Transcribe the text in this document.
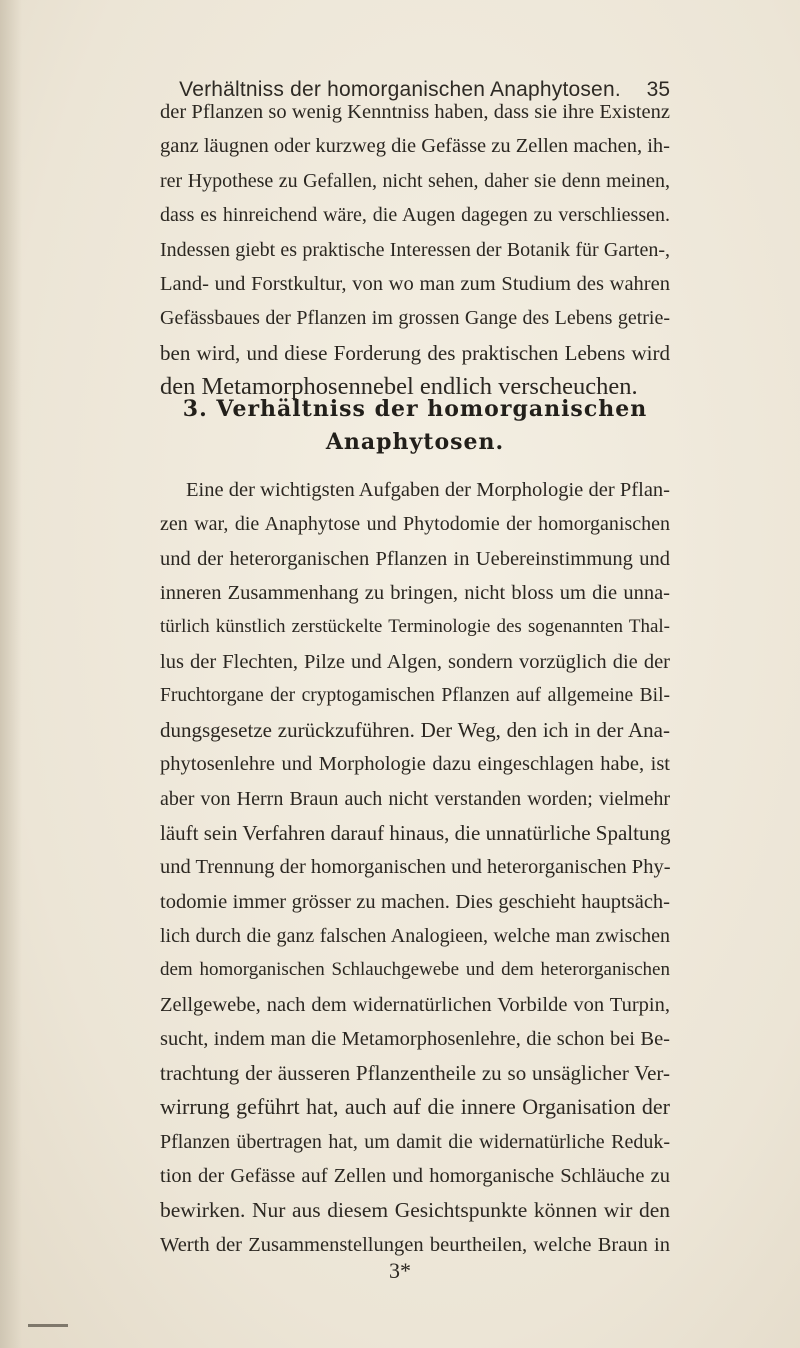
Verhältniss der homorganischen Anaphytosen.	35
der Pflanzen so wenig Kenntniss haben, dass sie ihre Existenz
ganz läugnen oder kurzweg die Gefässe zu Zellen machen, ih-
rer Hypothese zu Gefallen, nicht sehen, daher sie denn meinen,
dass es hinreichend wäre, die Augen dagegen zu verschliessen.
Indessen giebt es praktische Interessen der Botanik für Garten-,
Land- und Forstkultur, von wo man zum Studium des wahren
Gefässbaues der Pflanzen im grossen Gange des Lebens getrie-
ben wird, und diese Forderung des praktischen Lebens wird
den Metamorphosennebel endlich verscheuchen.
3. Verhältniss der homorganischen
Anaphytosen.
Eine der wichtigsten Aufgaben der Morphologie der Pflan-
zen war, die Anaphytose und Phytodomie der homorganischen
und der heterorganischen Pflanzen in Uebereinstimmung und
inneren Zusammenhang zu bringen, nicht bloss um die unna-
türlich künstlich zerstückelte Terminologie des sogenannten Thal-
lus der Flechten, Pilze und Algen, sondern vorzüglich die der
Fruchtorgane der cryptogamischen Pflanzen auf allgemeine Bil-
dungsgesetze zurückzuführen. Der Weg, den ich in der Ana-
phytosenlehre und Morphologie dazu eingeschlagen habe, ist
aber von Herrn Braun auch nicht verstanden worden; vielmehr
läuft sein Verfahren darauf hinaus, die unnatürliche Spaltung
und Trennung der homorganischen und heterorganischen Phy-
todomie immer grösser zu machen. Dies geschieht hauptsäch-
lich durch die ganz falschen Analogieen, welche man zwischen
dem homorganischen Schlauchgewebe und dem heterorganischen
Zellgewebe, nach dem widernatürlichen Vorbilde von Turpin,
sucht, indem man die Metamorphosenlehre, die schon bei Be-
trachtung der äusseren Pflanzentheile zu so unsäglicher Ver-
wirrung geführt hat, auch auf die innere Organisation der
Pflanzen übertragen hat, um damit die widernatürliche Reduk-
tion der Gefässe auf Zellen und homorganische Schläuche zu
bewirken. Nur aus diesem Gesichtspunkte können wir den
Werth der Zusammenstellungen beurtheilen, welche Braun in
3*
